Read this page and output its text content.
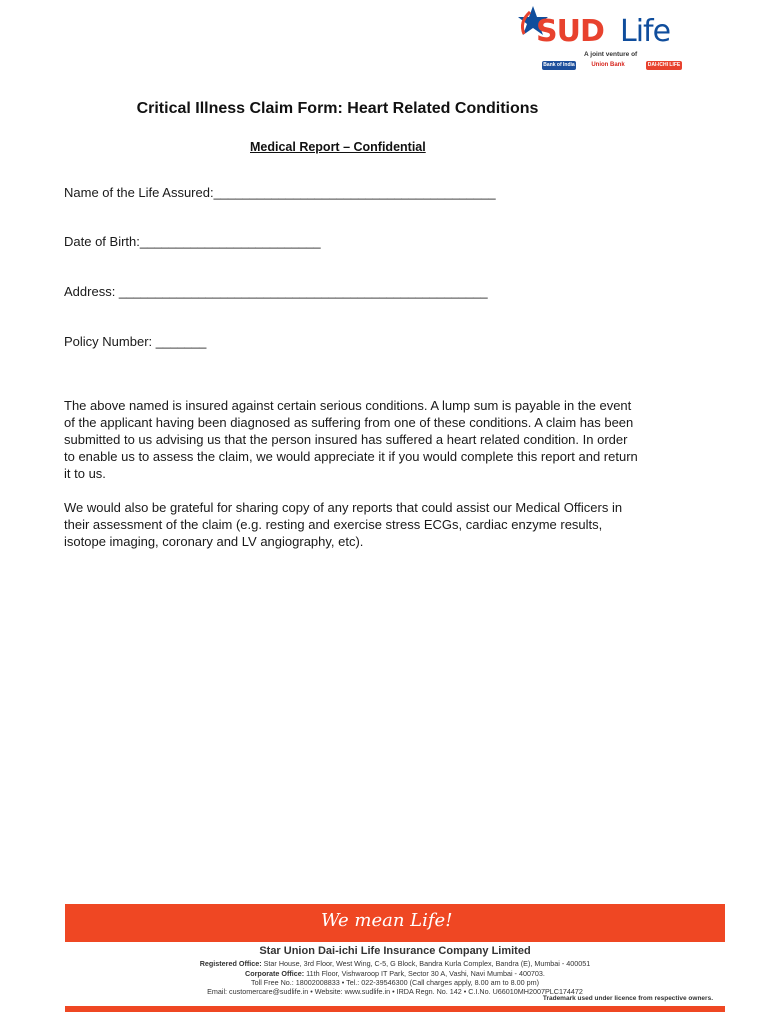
SUD Life
A joint venture of
Bank of India	Union Bank	DAI-ICHI LIFE
Critical Illness Claim Form: Heart Related Conditions

Medical Report – Confidential

Name of the Life Assured:_______________________________________
Date of Birth:_________________________
Address: ___________________________________________________
Policy Number: _______

The above named is insured against certain serious conditions. A lump sum is payable in the event of the applicant having been diagnosed as suffering from one of these conditions. A claim has been submitted to us advising us that the person insured has suffered a heart related condition. In order to enable us to assess the claim, we would appreciate it if you would complete this report and return it to us.

We would also be grateful for sharing copy of any reports that could assist our Medical Officers in their assessment of the claim (e.g. resting and exercise stress ECGs, cardiac enzyme results, isotope imaging, coronary and LV angiography, etc).

We mean Life!
Star Union Dai-ichi Life Insurance Company Limited
Registered Office: Star House, 3rd Floor, West Wing, C-5, G Block, Bandra Kurla Complex, Bandra (E), Mumbai - 400051
Corporate Office: 11th Floor, Vishwaroop IT Park, Sector 30 A, Vashi, Navi Mumbai - 400703.
Toll Free No.: 18002008833 • Tel.: 022-39546300 (Call charges apply, 8.00 am to 8.00 pm)
Email: customercare@sudlife.in • Website: www.sudlife.in • IRDA Regn. No. 142 • C.I.No. U66010MH2007PLC174472
Trademark used under licence from respective owners.
